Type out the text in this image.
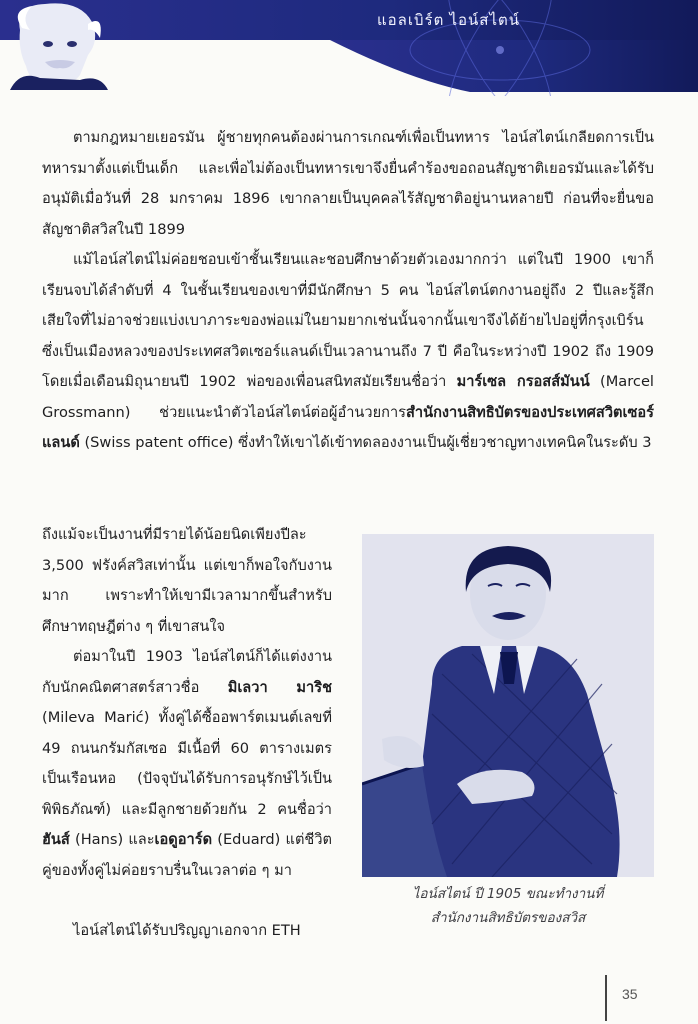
แอลเบิร์ต ไอน์สไตน์

ตามกฎหมายเยอรมัน ผู้ชายทุกคนต้องผ่านการเกณฑ์เพื่อเป็นทหาร ไอน์สไตน์เกลียดการเป็นทหารมาตั้งแต่เป็นเด็ก และเพื่อไม่ต้องเป็นทหารเขาจึงยื่นคำร้องขอถอนสัญชาติเยอรมันและได้รับอนุมัติเมื่อวันที่ 28 มกราคม 1896 เขากลายเป็นบุคคลไร้สัญชาติอยู่นานหลายปี ก่อนที่จะยื่นขอสัญชาติสวิสในปี 1899

แม้ไอน์สไตน์ไม่ค่อยชอบเข้าชั้นเรียนและชอบศึกษาด้วยตัวเองมากกว่า แต่ในปี 1900 เขาก็เรียนจบได้ลำดับที่ 4 ในชั้นเรียนของเขาที่มีนักศึกษา 5 คน ไอน์สไตน์ตกงานอยู่ถึง 2 ปีและรู้สึกเสียใจที่ไม่อาจช่วยแบ่งเบาภาระของพ่อแม่ในยามยากเช่นนั้นจากนั้นเขาจึงได้ย้ายไปอยู่ที่กรุงเบิร์นซึ่งเป็นเมืองหลวงของประเทศสวิตเซอร์แลนด์เป็นเวลานานถึง 7 ปี คือในระหว่างปี 1902 ถึง 1909 โดยเมื่อเดือนมิถุนายนปี 1902 พ่อของเพื่อนสนิทสมัยเรียนชื่อว่า มาร์เซล กรอสส์มันน์ (Marcel Grossmann) ช่วยแนะนำตัวไอน์สไตน์ต่อผู้อำนวยการสำนักงานสิทธิบัตรของประเทศสวิตเซอร์แลนด์ (Swiss patent office) ซึ่งทำให้เขาได้เข้าทดลองงานเป็นผู้เชี่ยวชาญทางเทคนิคในระดับ 3

ถึงแม้จะเป็นงานที่มีรายได้น้อยนิดเพียงปีละ 3,500 ฟรังค์สวิสเท่านั้น แต่เขาก็พอใจกับงานมาก เพราะทำให้เขามีเวลามากขึ้นสำหรับศึกษาทฤษฎีต่าง ๆ ที่เขาสนใจ

ต่อมาในปี 1903 ไอน์สไตน์ก็ได้แต่งงานกับนักคณิตศาสตร์สาวชื่อ มิเลวา มาริช (Mileva Marić) ทั้งคู่ได้ซื้ออพาร์ตเมนต์เลขที่ 49 ถนนกรัมกัสเซอ มีเนื้อที่ 60 ตารางเมตรเป็นเรือนหอ (ปัจจุบันได้รับการอนุรักษ์ไว้เป็นพิพิธภัณฑ์) และมีลูกชายด้วยกัน 2 คนชื่อว่า ฮันส์ (Hans) และเอดูอาร์ด (Eduard) แต่ชีวิตคู่ของทั้งคู่ไม่ค่อยราบรื่นในเวลาต่อ ๆ มา

ไอน์สไตน์ได้รับปริญญาเอกจาก ETH

ไอน์สไตน์ ปี 1905 ขณะทำงานที่
สำนักงานสิทธิบัตรของสวิส

35
